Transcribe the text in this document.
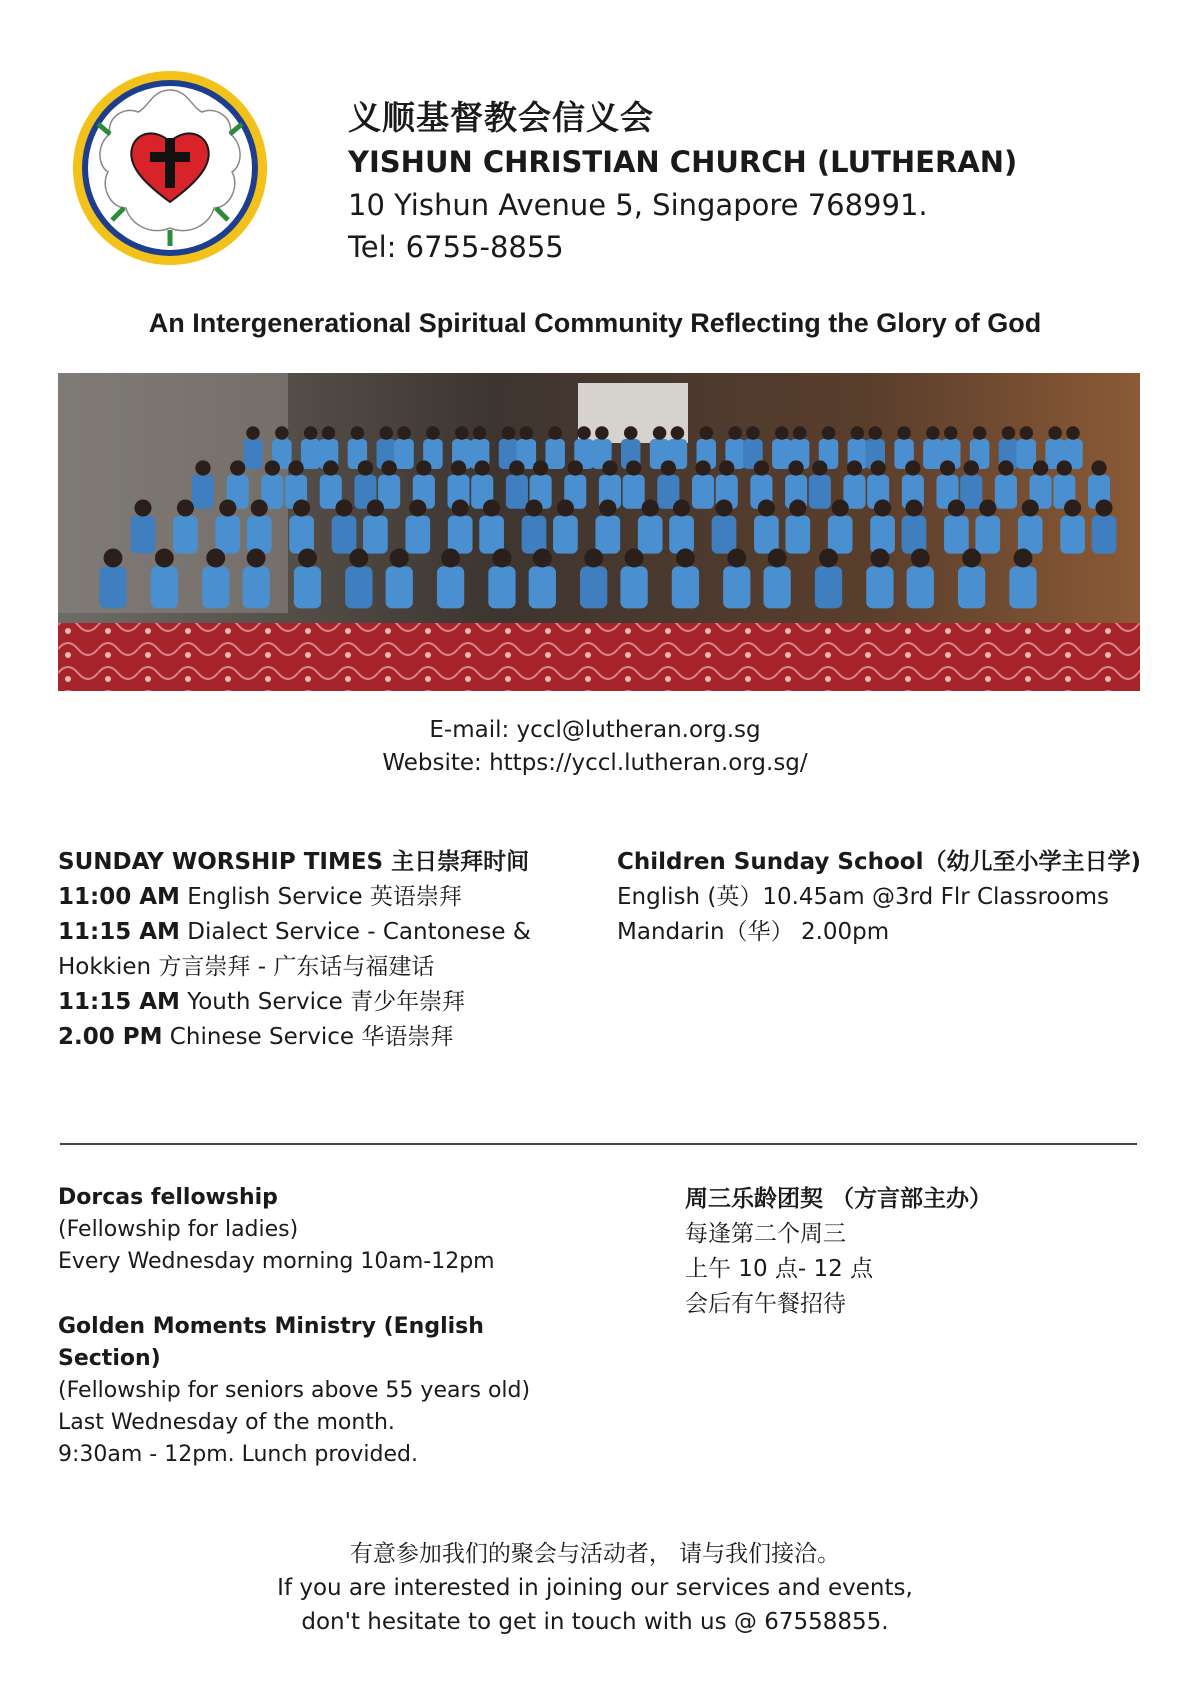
义顺基督教会信义会
YISHUN CHRISTIAN CHURCH (LUTHERAN)
10 Yishun Avenue 5, Singapore 768991.
Tel: 6755-8855
An Intergenerational Spiritual Community Reflecting the Glory of God
E-mail: yccl@lutheran.org.sg
Website: https://yccl.lutheran.org.sg/
SUNDAY WORSHIP TIMES 主日崇拜时间
11:00 AM English Service 英语崇拜
11:15 AM Dialect Service - Cantonese & Hokkien 方言崇拜 - 广东话与福建话
11:15 AM Youth Service 青少年崇拜
2.00 PM Chinese Service 华语崇拜
Children Sunday School（幼儿至小学主日学)
English (英）10.45am @3rd Flr Classrooms
Mandarin（华） 2.00pm
Dorcas fellowship
(Fellowship for ladies)
Every Wednesday morning 10am-12pm
Golden Moments Ministry (English Section)
(Fellowship for seniors above 55 years old)
Last Wednesday of the month.
9:30am - 12pm. Lunch provided.
周三乐龄团契 （方言部主办）
每逢第二个周三
上午 10 点- 12 点
会后有午餐招待
有意参加我们的聚会与活动者， 请与我们接洽。
If you are interested in joining our services and events,
don't hesitate to get in touch with us @ 67558855.
